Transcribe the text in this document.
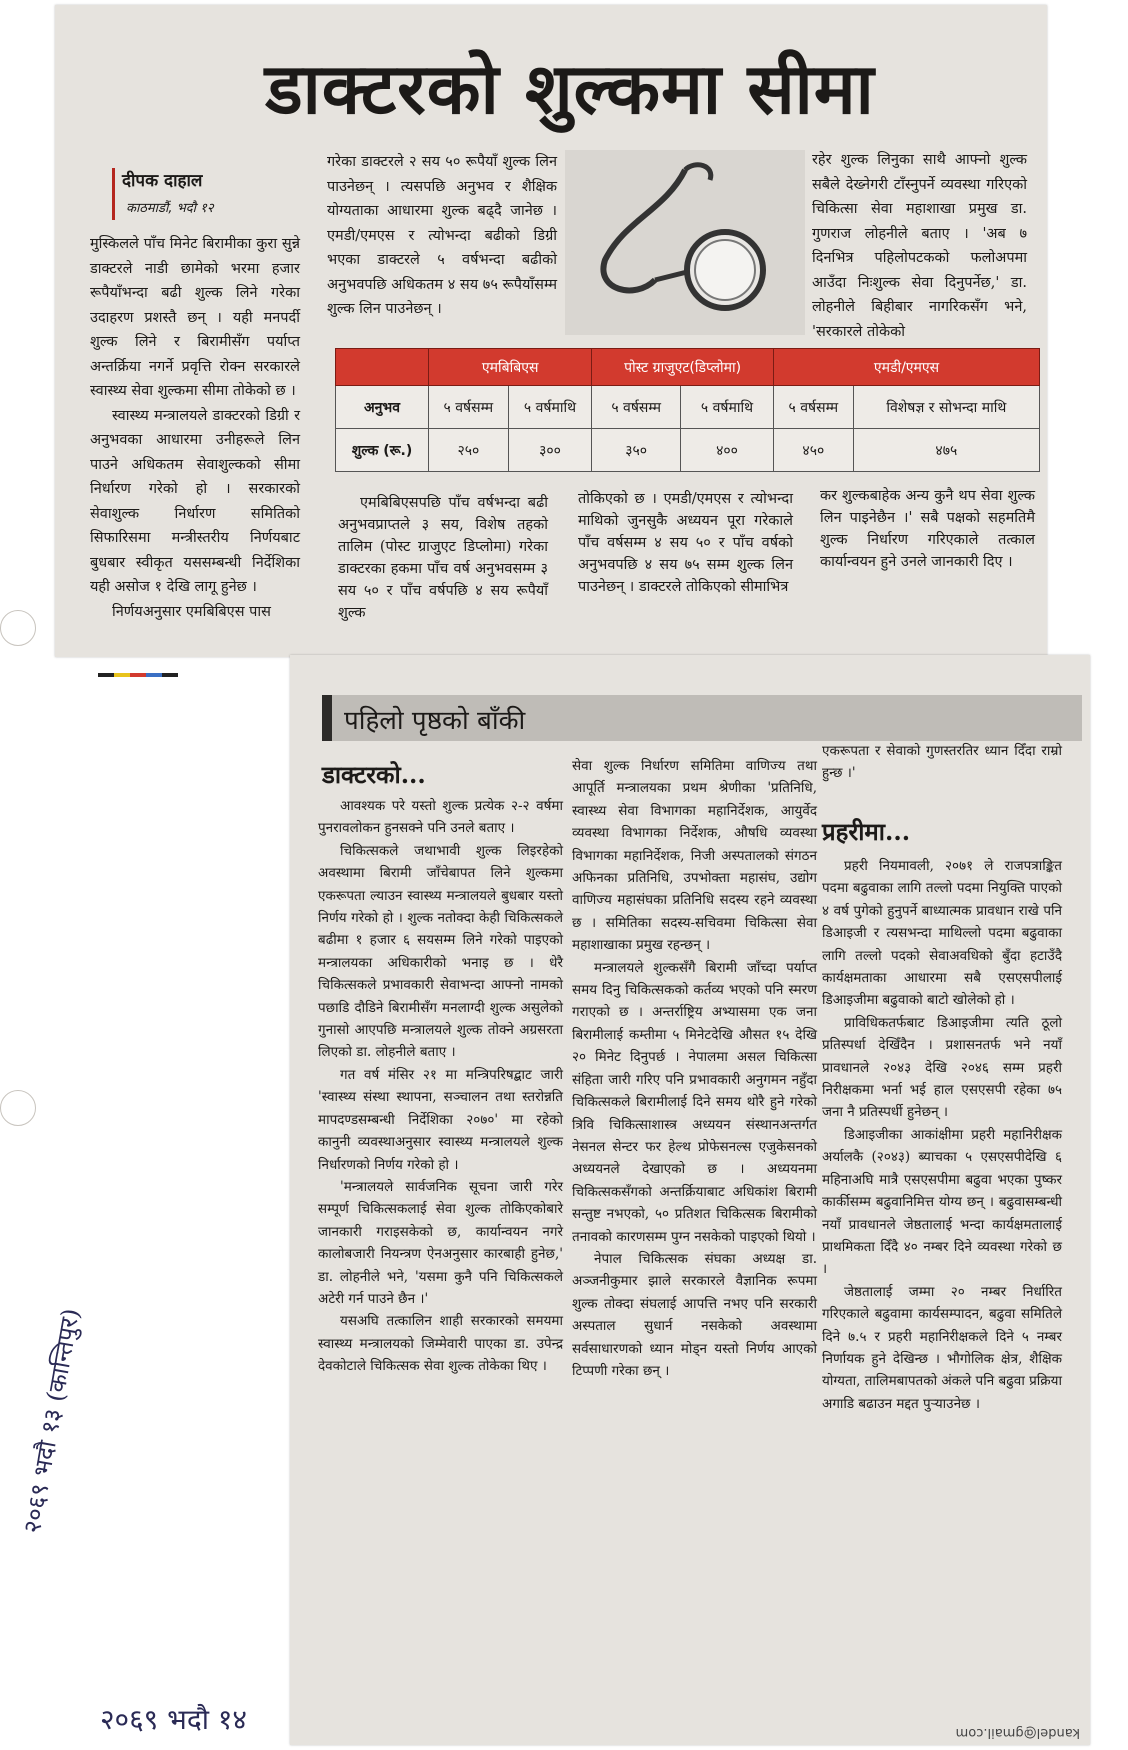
डाक्टरको शुल्कमा सीमा
दीपक दाहाल
काठमाडौं, भदौ १२

मुस्किलले पाँच मिनेट बिरामीका कुरा सुन्ने डाक्टरले नाडी छामेको भरमा हजार रूपैयाँभन्दा बढी शुल्क लिने गरेका उदाहरण प्रशस्तै छन् । यही मनपर्दी शुल्क लिने र बिरामीसँग पर्याप्त अन्तर्क्रिया नगर्ने प्रवृत्ति रोक्न सरकारले स्वास्थ्य सेवा शुल्कमा सीमा तोकेको छ ।

स्वास्थ्य मन्त्रालयले डाक्टरको डिग्री र अनुभवका आधारमा उनीहरूले लिन पाउने अधिकतम सेवाशुल्कको सीमा निर्धारण गरेको हो । सरकारको सेवाशुल्क निर्धारण समितिको सिफारिसमा मन्त्रीस्तरीय निर्णयबाट बुधबार स्वीकृत यससम्बन्धी निर्देशिका यही असोज १ देखि लागू हुनेछ ।

निर्णयअनुसार एमबिबिएस पास

गरेका डाक्टरले २ सय ५० रूपैयाँ शुल्क लिन पाउनेछन् । त्यसपछि अनुभव र शैक्षिक योग्यताका आधारमा शुल्क बढ्दै जानेछ । एमडी/एमएस र त्योभन्दा बढीको डिग्री भएका डाक्टरले ५ वर्षभन्दा बढीको अनुभवपछि अधिकतम ४ सय ७५ रूपैयाँसम्म शुल्क लिन पाउनेछन् ।

रहेर शुल्क लिनुका साथै आफ्नो शुल्क सबैले देख्नेगरी टाँस्नुपर्ने व्यवस्था गरिएको चिकित्सा सेवा महाशाखा प्रमुख डा. गुणराज लोहनीले बताए । 'अब ७ दिनभित्र पहिलोपटकको फलोअपमा आउँदा निःशुल्क सेवा दिनुपर्नेछ,' डा. लोहनीले बिहीबार नागरिकसँग भने, 'सरकारले तोकेको

	एमबिबिएस		पोस्ट ग्राजुएट(डिप्लोमा)		एमडी/एमएस	
अनुभव	५ वर्षसम्म	५ वर्षमाथि	५ वर्षसम्म	५ वर्षमाथि	५ वर्षसम्म	विशेषज्ञ र सोभन्दा माथि
शुल्क (रू.)	२५०	३००	३५०	४००	४५०	४७५

एमबिबिएसपछि पाँच वर्षभन्दा बढी अनुभवप्राप्तले ३ सय, विशेष तहको तालिम (पोस्ट ग्राजुएट डिप्लोमा) गरेका डाक्टरका हकमा पाँच वर्ष अनुभवसम्म ३ सय ५० र पाँच वर्षपछि ४ सय रूपैयाँ शुल्क

तोकिएको छ । एमडी/एमएस र त्योभन्दा माथिको जुनसुकै अध्ययन पूरा गरेकाले पाँच वर्षसम्म ४ सय ५० र पाँच वर्षको अनुभवपछि ४ सय ७५ सम्म शुल्क लिन पाउनेछन् । डाक्टरले तोकिएको सीमाभित्र

कर शुल्कबाहेक अन्य कुनै थप सेवा शुल्क लिन पाइनेछैन ।' सबै पक्षको सहमतिमै शुल्क निर्धारण गरिएकाले तत्काल कार्यान्वयन हुने उनले जानकारी दिए ।

पहिलो पृष्ठको बाँकी
डाक्टरको...

आवश्यक परे यस्तो शुल्क प्रत्येक २-२ वर्षमा पुनरावलोकन हुनसक्ने पनि उनले बताए ।

चिकित्सकले जथाभावी शुल्क लिइरहेको अवस्थामा बिरामी जाँचेबापत लिने शुल्कमा एकरूपता ल्याउन स्वास्थ्य मन्त्रालयले बुधबार यस्तो निर्णय गरेको हो । शुल्क नतोक्दा केही चिकित्सकले बढीमा १ हजार ६ सयसम्म लिने गरेको पाइएको मन्त्रालयका अधिकारीको भनाइ छ । धेरै चिकित्सकले प्रभावकारी सेवाभन्दा आफ्नो नामको पछाडि दौडिने बिरामीसँग मनलाग्दी शुल्क असुलेको गुनासो आएपछि मन्त्रालयले शुल्क तोक्ने अग्रसरता लिएको डा. लोहनीले बताए ।

गत वर्ष मंसिर २१ मा मन्त्रिपरिषद्बाट जारी 'स्वास्थ्य संस्था स्थापना, सञ्चालन तथा स्तरोन्नति मापदण्डसम्बन्धी निर्देशिका २०७०' मा रहेको कानुनी व्यवस्थाअनुसार स्वास्थ्य मन्त्रालयले शुल्क निर्धारणको निर्णय गरेको हो ।

'मन्त्रालयले सार्वजनिक सूचना जारी गरेर सम्पूर्ण चिकित्सकलाई सेवा शुल्क तोकिएकोबारे जानकारी गराइसकेको छ, कार्यान्वयन नगरे कालोबजारी नियन्त्रण ऐनअनुसार कारबाही हुनेछ,' डा. लोहनीले भने, 'यसमा कुनै पनि चिकित्सकले अटेरी गर्न पाउने छैन ।'

यसअघि तत्कालिन शाही सरकारको समयमा स्वास्थ्य मन्त्रालयको जिम्मेवारी पाएका डा. उपेन्द्र देवकोटाले चिकित्सक सेवा शुल्क तोकेका थिए ।

सेवा शुल्क निर्धारण समितिमा वाणिज्य तथा आपूर्ति मन्त्रालयका प्रथम श्रेणीका 'प्रतिनिधि, स्वास्थ्य सेवा विभागका महानिर्देशक, आयुर्वेद व्यवस्था विभागका निर्देशक, औषधि व्यवस्था विभागका महानिर्देशक, निजी अस्पतालको संगठन अफिनका प्रतिनिधि, उपभोक्ता महासंघ, उद्योग वाणिज्य महासंघका प्रतिनिधि सदस्य रहने व्यवस्था छ । समितिका सदस्य-सचिवमा चिकित्सा सेवा महाशाखाका प्रमुख रहन्छन् ।

मन्त्रालयले शुल्कसँगै बिरामी जाँच्दा पर्याप्त समय दिनु चिकित्सकको कर्तव्य भएको पनि स्मरण गराएको छ । अन्तर्राष्ट्रिय अभ्यासमा एक जना बिरामीलाई कम्तीमा ५ मिनेटदेखि औसत १५ देखि २० मिनेट दिनुपर्छ । नेपालमा असल चिकित्सा संहिता जारी गरिए पनि प्रभावकारी अनुगमन नहुँदा चिकित्सकले बिरामीलाई दिने समय थोरै हुने गरेको त्रिवि चिकित्साशास्त्र अध्ययन संस्थानअन्तर्गत नेसनल सेन्टर फर हेल्थ प्रोफेसनल्स एजुकेसनको अध्ययनले देखाएको छ । अध्ययनमा चिकित्सकसँगको अन्तर्क्रियाबाट अधिकांश बिरामी सन्तुष्ट नभएको, ५० प्रतिशत चिकित्सक बिरामीको तनावको कारणसम्म पुग्न नसकेको पाइएको थियो ।

नेपाल चिकित्सक संघका अध्यक्ष डा. अञ्जनीकुमार झाले सरकारले वैज्ञानिक रूपमा शुल्क तोक्दा संघलाई आपत्ति नभए पनि सरकारी अस्पताल सुधार्न नसकेको अवस्थामा सर्वसाधारणको ध्यान मोड्न यस्तो निर्णय आएको टिप्पणी गरेका छन् ।

एकरूपता र सेवाको गुणस्तरतिर ध्यान दिँदा राम्रो हुन्छ ।'

प्रहरीमा...

प्रहरी नियमावली, २०७१ ले राजपत्राङ्कित पदमा बढुवाका लागि तल्लो पदमा नियुक्ति पाएको ४ वर्ष पुगेको हुनुपर्ने बाध्यात्मक प्रावधान राखे पनि डिआइजी र त्यसभन्दा माथिल्लो पदमा बढुवाका लागि तल्लो पदको सेवाअवधिको बुँदा हटाउँदै कार्यक्षमताका आधारमा सबै एसएसपीलाई डिआइजीमा बढुवाको बाटो खोलेको हो ।

प्राविधिकतर्फबाट डिआइजीमा त्यति ठूलो प्रतिस्पर्धा देखिँदैन । प्रशासनतर्फ भने नयाँ प्रावधानले २०४३ देखि २०४६ सम्म प्रहरी निरीक्षकमा भर्ना भई हाल एसएसपी रहेका ७५ जना नै प्रतिस्पर्धी हुनेछन् ।

डिआइजीका आकांक्षीमा प्रहरी महानिरीक्षक अर्यालकै (२०४३) ब्याचका ५ एसएसपीदेखि ६ महिनाअघि मात्रै एसएसपीमा बढुवा भएका पुष्कर कार्कीसम्म बढुवानिमित्त योग्य छन् । बढुवासम्बन्धी नयाँ प्रावधानले जेष्ठतालाई भन्दा कार्यक्षमतालाई प्राथमिकता दिँदै ४० नम्बर दिने व्यवस्था गरेको छ ।

जेष्ठतालाई जम्मा २० नम्बर निर्धारित गरिएकाले बढुवामा कार्यसम्पादन, बढुवा समितिले दिने ७.५ र प्रहरी महानिरीक्षकले दिने ५ नम्बर निर्णायक हुने देखिन्छ । भौगोलिक क्षेत्र, शैक्षिक योग्यता, तालिमबापतको अंकले पनि बढुवा प्रक्रिया अगाडि बढाउन मद्दत पुर्‍याउनेछ ।

२०६९ भदौ १३ (कान्तिपुर)
२०६९ भदौ १४	kandel@gmail.com
